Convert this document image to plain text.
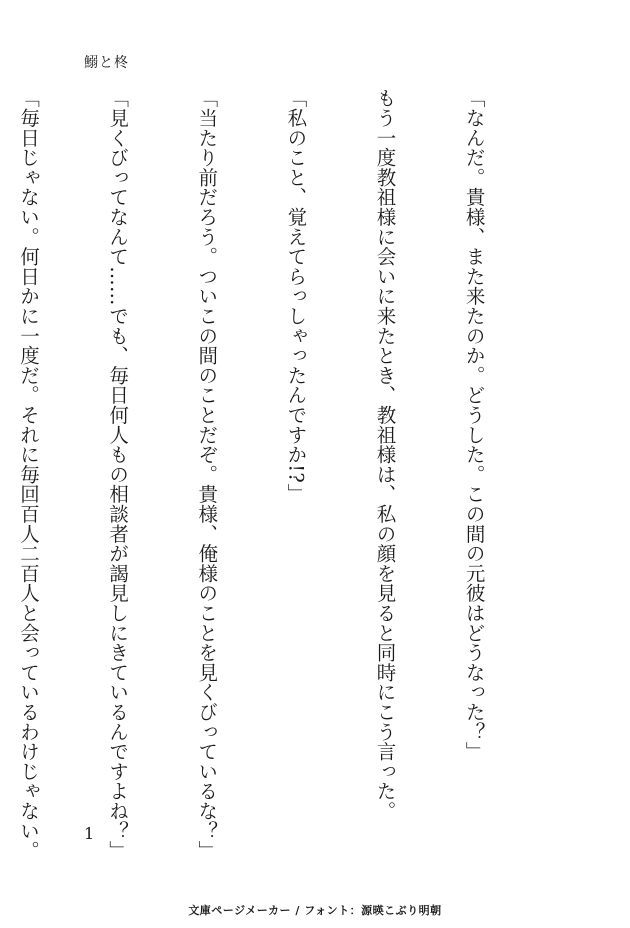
鰯と柊

「なんだ。貴様、また来たのか。どうした。この間の元彼はどうなった？」

もう一度教祖様に会いに来たとき、教祖様は、私の顔を見ると同時にこう言った。

「私のこと、覚えてらっしゃったんですか!?」

「当たり前だろう。ついこの間のことだぞ。貴様、俺様のことを見くびっているな？」

「見くびってなんて……でも、毎日何人もの相談者が謁見しにきているんですよね？」

「毎日じゃない。何日かに一度だ。それに毎回百人二百人と会っているわけじゃない。

	1
文庫ページメーカー / フォント：源暎こぶり明朝
